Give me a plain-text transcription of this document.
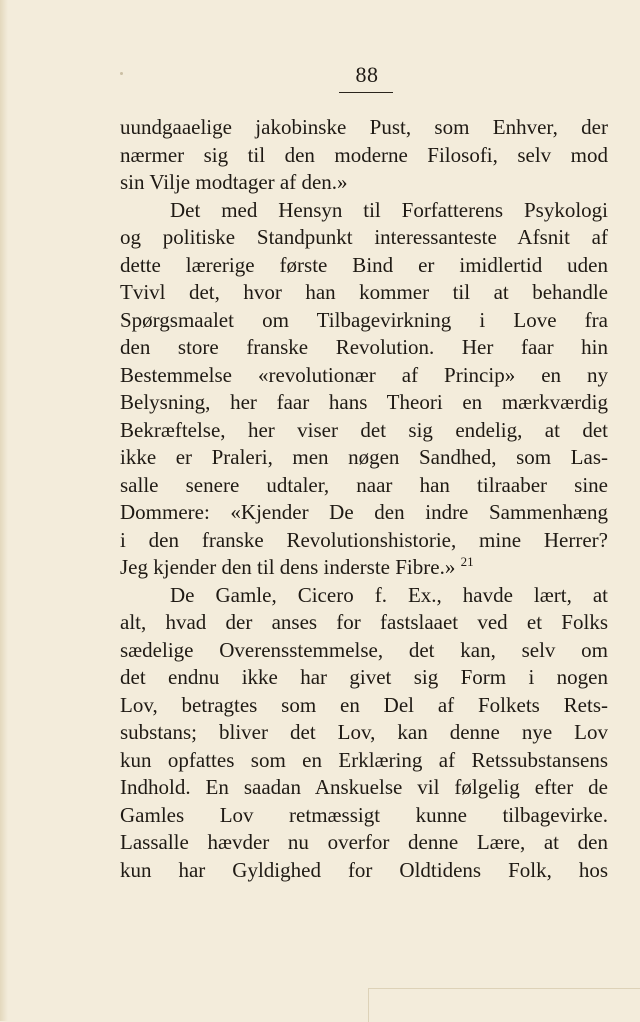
88
uundgaaelige jakobinske Pust, som Enhver, der
nærmer sig til den moderne Filosofi, selv mod
sin Vilje modtager af den.»
Det med Hensyn til Forfatterens Psykologi
og politiske Standpunkt interessanteste Afsnit af
dette lærerige første Bind er imidlertid uden
Tvivl det, hvor han kommer til at behandle
Spørgsmaalet om Tilbagevirkning i Love fra
den store franske Revolution. Her faar hin
Bestemmelse «revolutionær af Princip» en ny
Belysning, her faar hans Theori en mærkværdig
Bekræftelse, her viser det sig endelig, at det
ikke er Praleri, men nøgen Sandhed, som Las-
salle senere udtaler, naar han tilraaber sine
Dommere: «Kjender De den indre Sammenhæng
i den franske Revolutionshistorie, mine Herrer?
Jeg kjender den til dens inderste Fibre.» $^{21}$
De Gamle, Cicero f. Ex., havde lært, at
alt, hvad der anses for fastslaaet ved et Folks
sædelige Overensstemmelse, det kan, selv om
det endnu ikke har givet sig Form i nogen
Lov, betragtes som en Del af Folkets Rets-
substans; bliver det Lov, kan denne nye Lov
kun opfattes som en Erklæring af Retssubstansens
Indhold. En saadan Anskuelse vil følgelig efter de
Gamles Lov retmæssigt kunne tilbagevirke.
Lassalle hævder nu overfor denne Lære, at den
kun har Gyldighed for Oldtidens Folk, hos
